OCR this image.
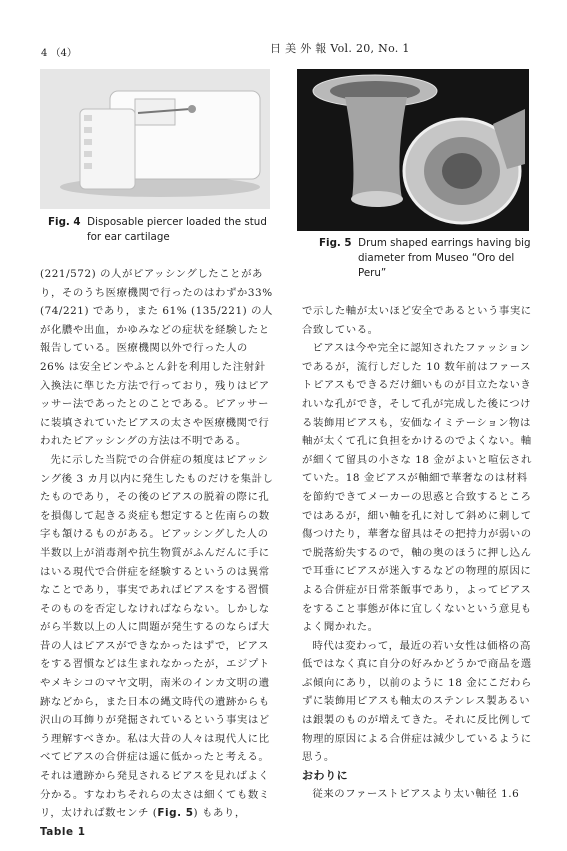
4 （4）	日 美 外 報 Vol. 20, No. 1
Fig. 4 Disposable piercer loaded the stud
for ear cartilage	Fig. 5 Drum shaped earrings having big
diameter from Museo “Oro del
Peru”

(221/572) の人がピアッシングしたことがあり，そのうち医療機関で行ったのはわずか33% (74/221) であり，また 61% (135/221) の人が化膿や出血，かゆみなどの症状を経験したと報告している。医療機関以外で行った人の 26% は安全ピンやふとん針を利用した注射針入換法に準じた方法で行っており，残りはピアッサー法であったとのことである。ピアッサーに装填されていたピアスの太さや医療機関で行われたピアッシングの方法は不明である。

先に示した当院での合併症の頻度はピアッシング後 3 カ月以内に発生したものだけを集計したものであり，その後のピアスの脱着の際に孔を損傷して起きる炎症も想定すると佐南らの数字も頷けるものがある。ピアッシングした人の半数以上が消毒剤や抗生物質がふんだんに手にはいる現代で合併症を経験するというのは異常なことであり，事実であればピアスをする習慣そのものを否定しなければならない。しかしながら半数以上の人に問題が発生するのならば大昔の人はピアスができなかったはずで，ピアスをする習慣などは生まれなかったが，エジプトやメキシコのマヤ文明，南米のインカ文明の遺跡などから，また日本の縄文時代の遺跡からも沢山の耳飾りが発掘されているという事実はどう理解すべきか。私は大昔の人々は現代人に比べてピアスの合併症は遥に低かったと考える。それは遺跡から発見されるピアスを見ればよく分かる。すなわちそれらの太さは細くても数ミリ，太ければ数センチ (Fig. 5) もあり，Table 1

で示した軸が太いほど安全であるという事実に合致している。

ピアスは今や完全に認知されたファッションであるが，流行しだした 10 数年前はファーストピアスもできるだけ細いものが目立たないきれいな孔ができ，そして孔が完成した後につける装飾用ピアスも，安価なイミテーション物は軸が太くて孔に負担をかけるのでよくない。軸が細くて留具の小さな 18 金がよいと喧伝されていた。18 金ピアスが軸細で華奢なのは材料を節約できてメーカーの思惑と合致するところではあるが，細い軸を孔に対して斜めに刺して傷つけたり，華奢な留具はその把持力が弱いので脱落紛失するので，軸の奥のほうに押し込んで耳垂にピアスが迷入するなどの物理的原因による合併症が日常茶飯事であり，よってピアスをすること事態が体に宜しくないという意見もよく聞かれた。

時代は変わって，最近の若い女性は価格の高低ではなく真に自分の好みかどうかで商品を選ぶ傾向にあり，以前のように 18 金にこだわらずに装飾用ピアスも軸太のステンレス製あるいは銀製のものが増えてきた。それに反比例して物理的原因による合併症は減少しているように思う。

おわりに

従来のファーストピアスより太い軸径 1.6
